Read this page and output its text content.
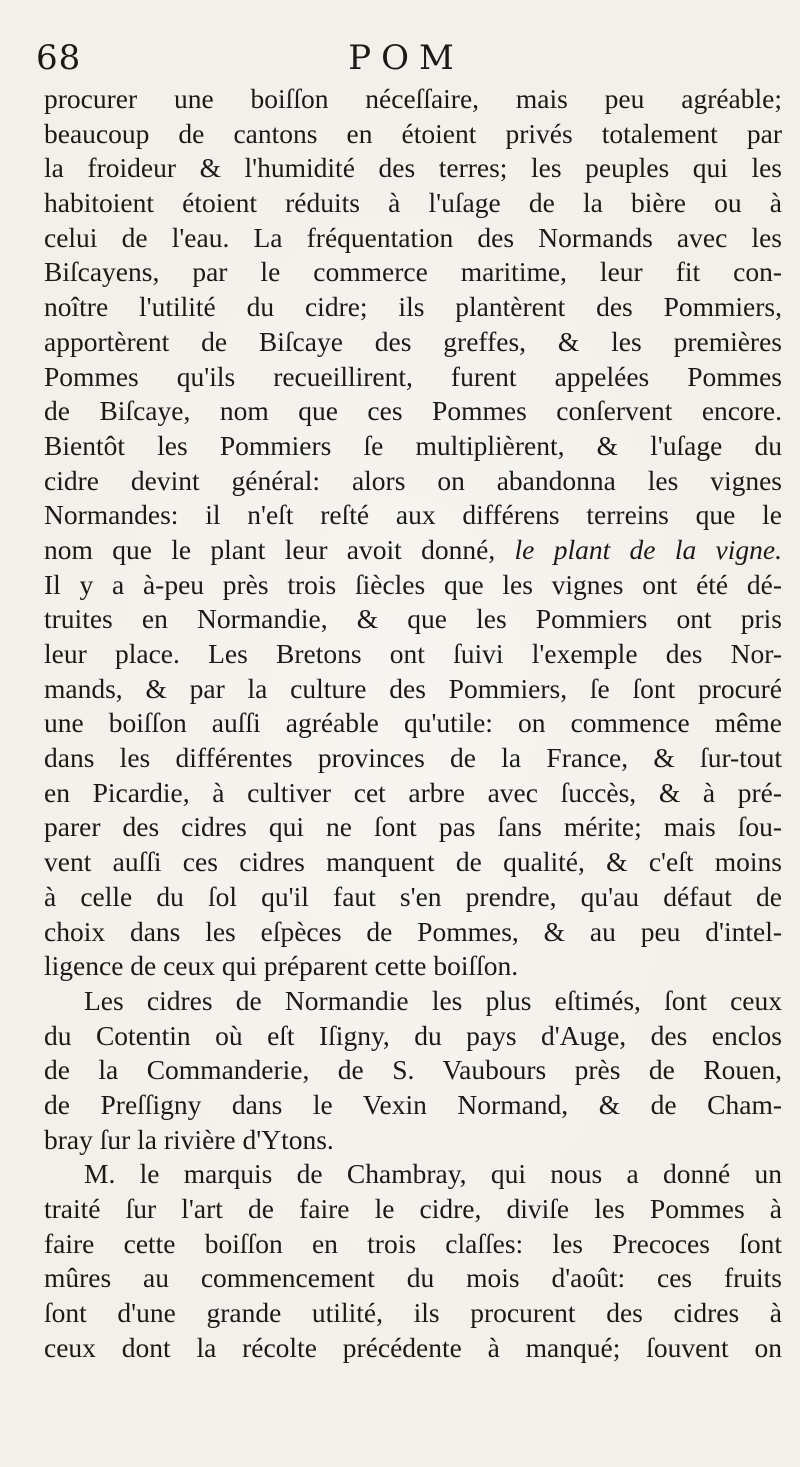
68	POM
procurer une boiſſon néceſſaire, mais peu agréable;
beaucoup de cantons en étoient privés totalement par
la froideur & l'humidité des terres; les peuples qui les
habitoient étoient réduits à l'uſage de la bière ou à
celui de l'eau. La fréquentation des Normands avec les
Biſcayens, par le commerce maritime, leur fit con-
noître l'utilité du cidre; ils plantèrent des Pommiers,
apportèrent de Biſcaye des greffes, & les premières
Pommes qu'ils recueillirent, furent appelées Pommes
de Biſcaye, nom que ces Pommes conſervent encore.
Bientôt les Pommiers ſe multiplièrent, & l'uſage du
cidre devint général: alors on abandonna les vignes
Normandes: il n'eſt reſté aux différens terreins que le
nom que le plant leur avoit donné, le plant de la vigne.
Il y a à-peu près trois ſiècles que les vignes ont été dé-
truites en Normandie, & que les Pommiers ont pris
leur place. Les Bretons ont ſuivi l'exemple des Nor-
mands, & par la culture des Pommiers, ſe ſont procuré
une boiſſon auſſi agréable qu'utile: on commence même
dans les différentes provinces de la France, & ſur-tout
en Picardie, à cultiver cet arbre avec ſuccès, & à pré-
parer des cidres qui ne ſont pas ſans mérite; mais ſou-
vent auſſi ces cidres manquent de qualité, & c'eſt moins
à celle du ſol qu'il faut s'en prendre, qu'au défaut de
choix dans les eſpèces de Pommes, & au peu d'intel-
ligence de ceux qui préparent cette boiſſon.
Les cidres de Normandie les plus eſtimés, ſont ceux
du Cotentin où eſt Iſigny, du pays d'Auge, des enclos
de la Commanderie, de S. Vaubours près de Rouen,
de Preſſigny dans le Vexin Normand, & de Cham-
bray ſur la rivière d'Ytons.
M. le marquis de Chambray, qui nous a donné un
traité ſur l'art de faire le cidre, diviſe les Pommes à
faire cette boiſſon en trois claſſes: les Precoces ſont
mûres au commencement du mois d'août: ces fruits
ſont d'une grande utilité, ils procurent des cidres à
ceux dont la récolte précédente à manqué; ſouvent on
